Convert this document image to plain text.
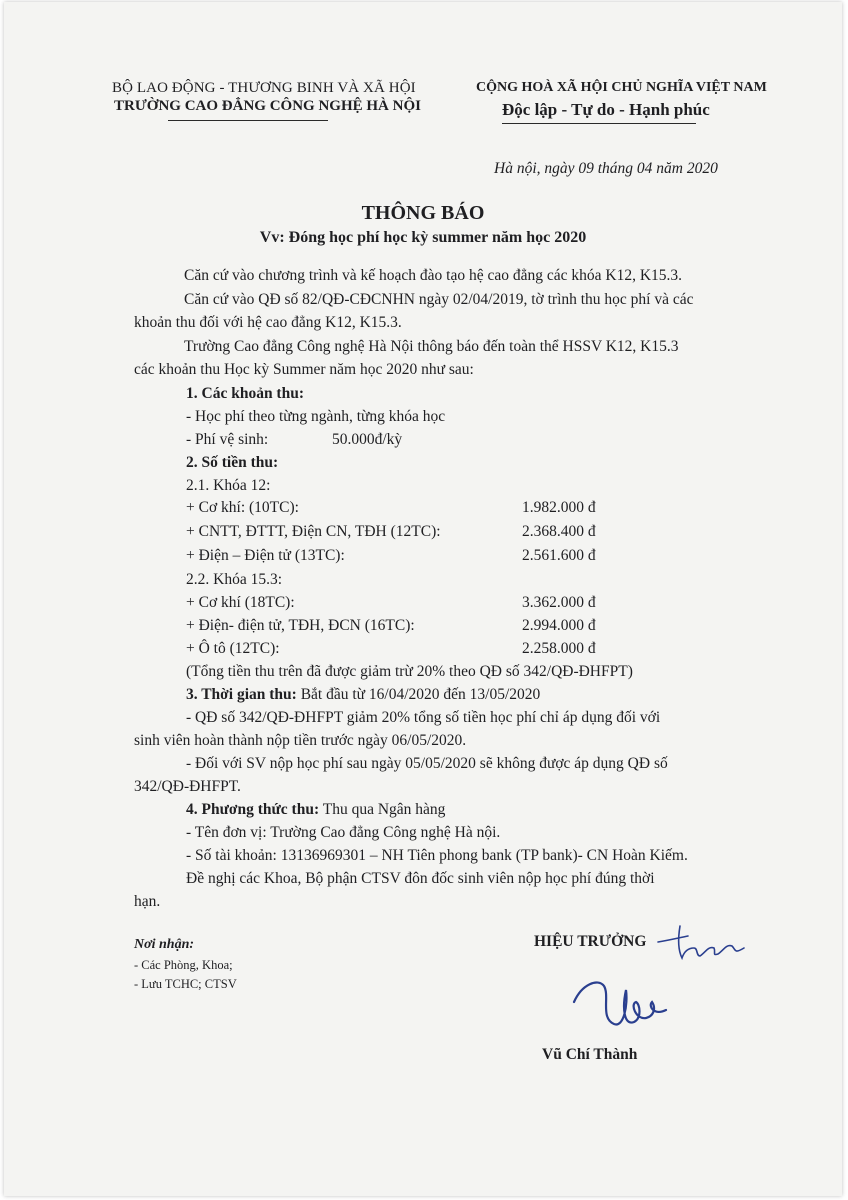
BỘ LAO ĐỘNG - THƯƠNG BINH VÀ XÃ HỘI
TRƯỜNG CAO ĐẲNG CÔNG NGHỆ HÀ NỘI
CỘNG HOÀ XÃ HỘI CHỦ NGHĨA VIỆT NAM
Độc lập - Tự do - Hạnh phúc
Hà nội, ngày 09 tháng 04 năm 2020
THÔNG BÁO
Vv: Đóng học phí học kỳ summer năm học 2020
Căn cứ vào chương trình và kế hoạch đào tạo hệ cao đẳng các khóa K12, K15.3.
Căn cứ vào QĐ số 82/QĐ-CĐCNHN ngày 02/04/2019, tờ trình thu học phí và các
khoản thu đối với hệ cao đẳng K12, K15.3.
Trường Cao đẳng Công nghệ Hà Nội thông báo đến toàn thể HSSV K12, K15.3
các khoản thu Học kỳ Summer năm học 2020 như sau:
1. Các khoản thu:
- Học phí theo từng ngành, từng khóa học
- Phí vệ sinh:	50.000đ/kỳ
2. Số tiền thu:
2.1. Khóa 12:
+ Cơ khí: (10TC):	1.982.000 đ
+ CNTT, ĐTTT, Điện CN, TĐH (12TC):	2.368.400 đ
+ Điện – Điện tử (13TC):	2.561.600 đ
2.2. Khóa 15.3:
+ Cơ khí (18TC):	3.362.000 đ
+ Điện- điện tử, TĐH, ĐCN (16TC):	2.994.000 đ
+ Ô tô (12TC):	2.258.000 đ
(Tổng tiền thu trên đã được giảm trừ 20% theo QĐ số 342/QĐ-ĐHFPT)
3. Thời gian thu: Bắt đầu từ 16/04/2020 đến 13/05/2020
- QĐ số 342/QĐ-ĐHFPT giảm 20% tổng số tiền học phí chỉ áp dụng đối với
sinh viên hoàn thành nộp tiền trước ngày 06/05/2020.
- Đối với SV nộp học phí sau ngày 05/05/2020 sẽ không được áp dụng QĐ số
342/QĐ-ĐHFPT.
4. Phương thức thu: Thu qua Ngân hàng
- Tên đơn vị: Trường Cao đẳng Công nghệ Hà nội.
- Số tài khoản: 13136969301 – NH Tiên phong bank (TP bank)- CN Hoàn Kiếm.
Đề nghị các Khoa, Bộ phận CTSV đôn đốc sinh viên nộp học phí đúng thời
hạn.
Nơi nhận:
- Các Phòng, Khoa;
- Lưu TCHC; CTSV
HIỆU TRƯỞNG
Vũ Chí Thành
